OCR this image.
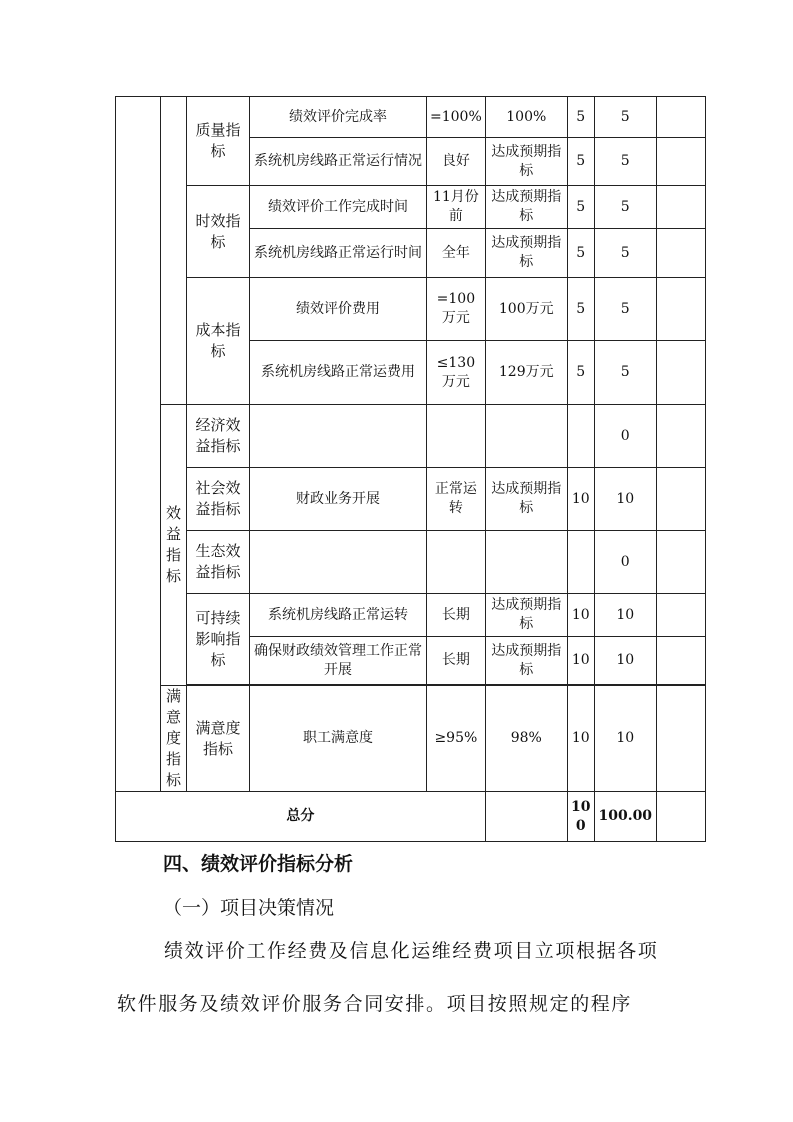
		质量指标	绩效评价完成率	=100%	100%	5	5	
			系统机房线路正常运行情况	良好	达成预期指标	5	5	
		时效指标	绩效评价工作完成时间	11月份前	达成预期指标	5	5	
			系统机房线路正常运行时间	全年	达成预期指标	5	5	
		成本指标	绩效评价费用	=100万元	100万元	5	5	
			系统机房线路正常运费用	≤130万元	129万元	5	5	
	效益指标	经济效益指标					0	
		社会效益指标	财政业务开展	正常运转	达成预期指标	10	10	
		生态效益指标					0	
		可持续影响指标	系统机房线路正常运转	长期	达成预期指标	10	10	
			确保财政绩效管理工作正常开展	长期	达成预期指标	10	10	

	满意度指标	满意度指标	职工满意度	≥95%	98%	10	10	
总分						100	100.00	
四、绩效评价指标分析
（一）项目决策情况

绩效评价工作经费及信息化运维经费项目立项根据各项软件服务及绩效评价服务合同安排。项目按照规定的程序
